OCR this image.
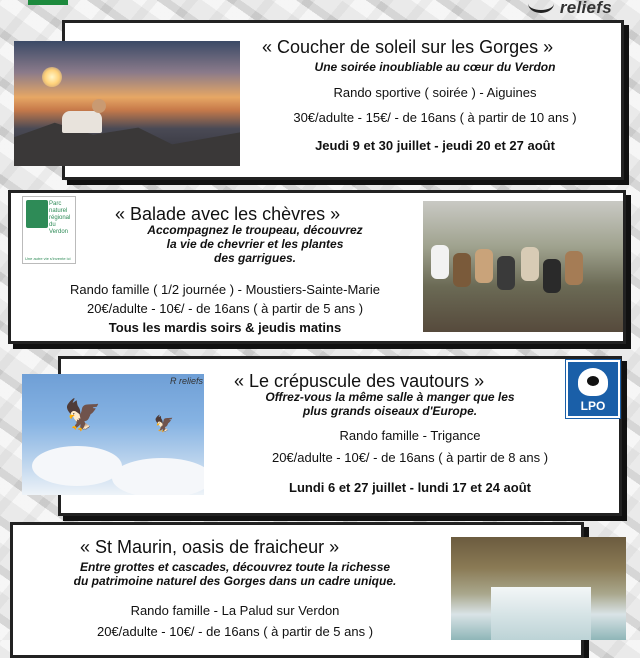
reliefs
« Coucher de soleil sur les Gorges »
Une soirée inoubliable au cœur du Verdon
Rando sportive ( soirée ) - Aiguines
30€/adulte - 15€/ - de 16ans ( à partir de 10 ans )
Jeudi 9 et 30 juillet - jeudi 20 et 27 août
Parc
naturel
régional
du Verdon
Une autre vie s'invente ici
« Balade avec les chèvres »
Accompagnez le troupeau, découvrez
la vie de chevrier et les plantes
des garrigues.
Rando famille ( 1/2 journée ) - Moustiers-Sainte-Marie
20€/adulte - 10€/ - de 16ans ( à partir de 5 ans )
Tous les mardis soirs & jeudis matins
🦅	🦅
R reliefs « Le crépuscule des vautours »
Offrez-vous la même salle à manger que les
plus grands oiseaux d'Europe.
Rando famille - Trigance
20€/adulte - 10€/ - de 16ans ( à partir de 8 ans )
Lundi 6 et 27 juillet - lundi 17 et 24 août
LPO
« St Maurin, oasis de fraicheur »
Entre grottes et cascades, découvrez toute la richesse
du patrimoine naturel des Gorges dans un cadre unique.
Rando famille - La Palud sur Verdon
20€/adulte - 10€/ - de 16ans ( à partir de 5 ans )
